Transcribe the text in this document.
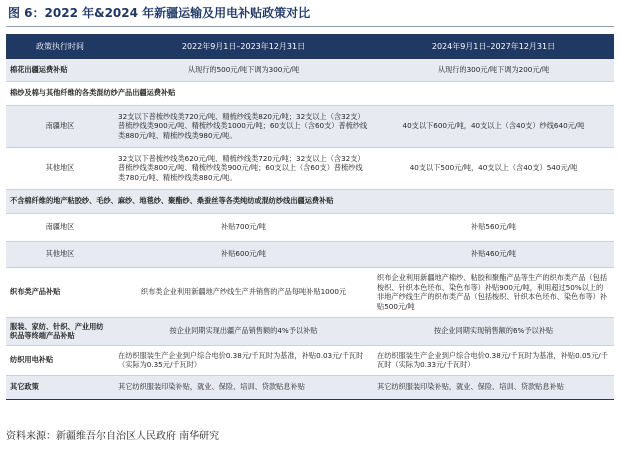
图 6：2022 年&2024 年新疆运输及用电补贴政策对比
政策执行时间	2022年9月1日–2023年12月31日	2024年9月1日–2027年12月31日
棉花出疆运费补贴	从现行的500元/吨下调为300元/吨	从现行的300元/吨下调为200元/吨
棉纱及棉与其他纤维的各类混纺纱产品出疆运费补贴		
南疆地区	32支以下普梳纱线类720元/吨、精梳纱线类820元/吨；32支以上（含32支）普梳纱线类900元/吨、精梳纱线类1000元/吨；60支以上（含60支）普梳纱线类880元/吨、精梳纱线类980元/吨。	40支以下600元/吨，40支以上（含40支）纱线640元/吨
其他地区	32支以下普梳纱线类620元/吨、精梳纱线类720元/吨；32支以上（含32支）普梳纱线类800元/吨、精梳纱线类900元/吨；60支以上（含60支）普梳纱线类780元/吨、精梳纱线类880元/吨。	40支以下500元/吨，40支以上（含40支）540元/吨
不含棉纤维的地产粘胶纱、毛纱、麻纱、地毯纱、聚酯纱、桑蚕丝等各类纯纺或混纺纱线出疆运费补贴		
南疆地区	补贴700元/吨	补贴560元/吨
其他地区	补贴600元/吨	补贴460元/吨
织布类产品补贴	织布类企业利用新疆地产纱线生产并销售的产品每吨补贴1000元	织布企业利用新疆地产棉纱、粘胶和聚酯产品等生产的织布类产品（包括梭织、针织本色坯布、染色布等）补贴900元/吨，利用超过50%以上的非地产纱线生产的织布类产品（包括梭织、针织本色坯布、染色布等）补贴500元/吨
服装、家纺、针织、产业用纺织品等终端产品补贴	按企业同期实现出疆产品销售额的4%予以补贴	按企业同期实现销售额的6%予以补贴
纺织用电补贴	在纺织服装生产企业到户综合电价0.38元/千瓦时为基准，补贴0.03元/千瓦时（实际为0.35元/千瓦时）	在纺织服装生产企业到户综合电价0.38元/千瓦时为基准，补贴0.05元/千瓦时（实际为0.33元/千瓦时）
其它政策	其它纺织服装印染补贴，就业、保险、培训、贷款贴息补贴	其它纺织服装印染补贴，就业、保险、培训、贷款贴息补贴
资料来源：新疆维吾尔自治区人民政府 南华研究
